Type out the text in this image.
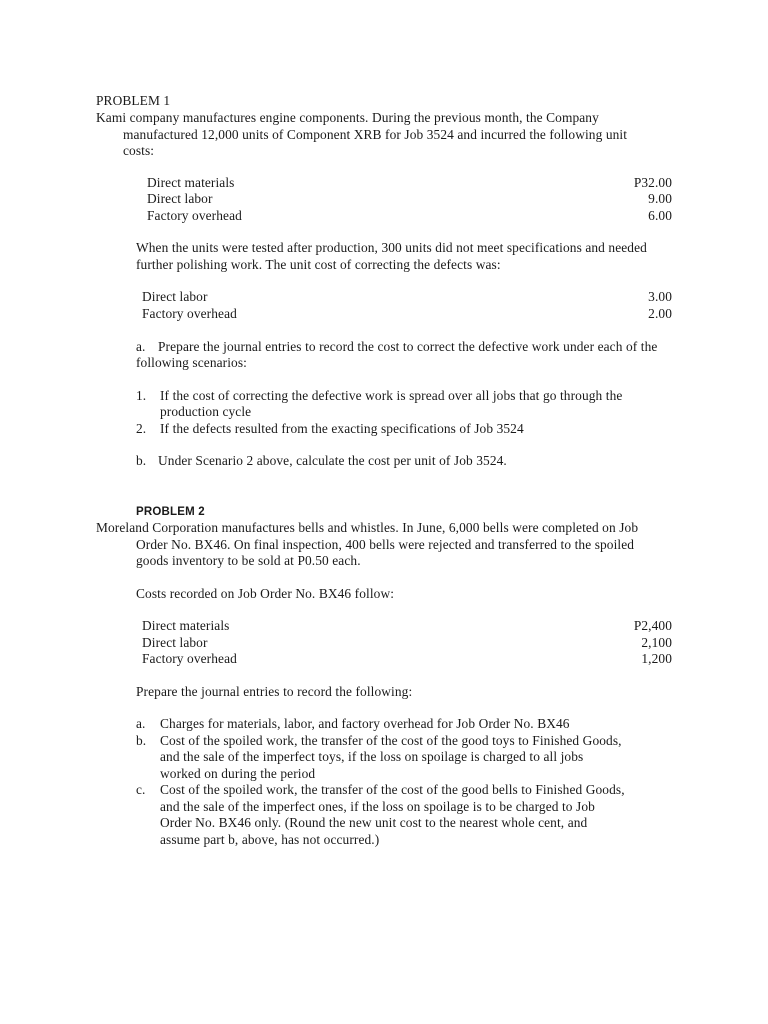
PROBLEM 1
Kami company manufactures engine components. During the previous month, the Company
manufactured 12,000 units of Component XRB for Job 3524 and incurred the following unit
costs:
Direct materials	P32.00
Direct labor	9.00
Factory overhead	6.00
When the units were tested after production, 300 units did not meet specifications and needed
further polishing work. The unit cost of correcting the defects was:
Direct labor	3.00
Factory overhead	2.00
a. Prepare the journal entries to record the cost to correct the defective work under each of the
following scenarios:
1. If the cost of correcting the defective work is spread over all jobs that go through the
production cycle
2. If the defects resulted from the exacting specifications of Job 3524
b. Under Scenario 2 above, calculate the cost per unit of Job 3524.
PROBLEM 2
Moreland Corporation manufactures bells and whistles. In June, 6,000 bells were completed on Job
Order No. BX46. On final inspection, 400 bells were rejected and transferred to the spoiled
goods inventory to be sold at P0.50 each.
Costs recorded on Job Order No. BX46 follow:
Direct materials	P2,400
Direct labor	2,100
Factory overhead	1,200
Prepare the journal entries to record the following:
a. Charges for materials, labor, and factory overhead for Job Order No. BX46
b. Cost of the spoiled work, the transfer of the cost of the good toys to Finished Goods,
and the sale of the imperfect toys, if the loss on spoilage is charged to all jobs
worked on during the period
c. Cost of the spoiled work, the transfer of the cost of the good bells to Finished Goods,
and the sale of the imperfect ones, if the loss on spoilage is to be charged to Job
Order No. BX46 only. (Round the new unit cost to the nearest whole cent, and
assume part b, above, has not occurred.)
